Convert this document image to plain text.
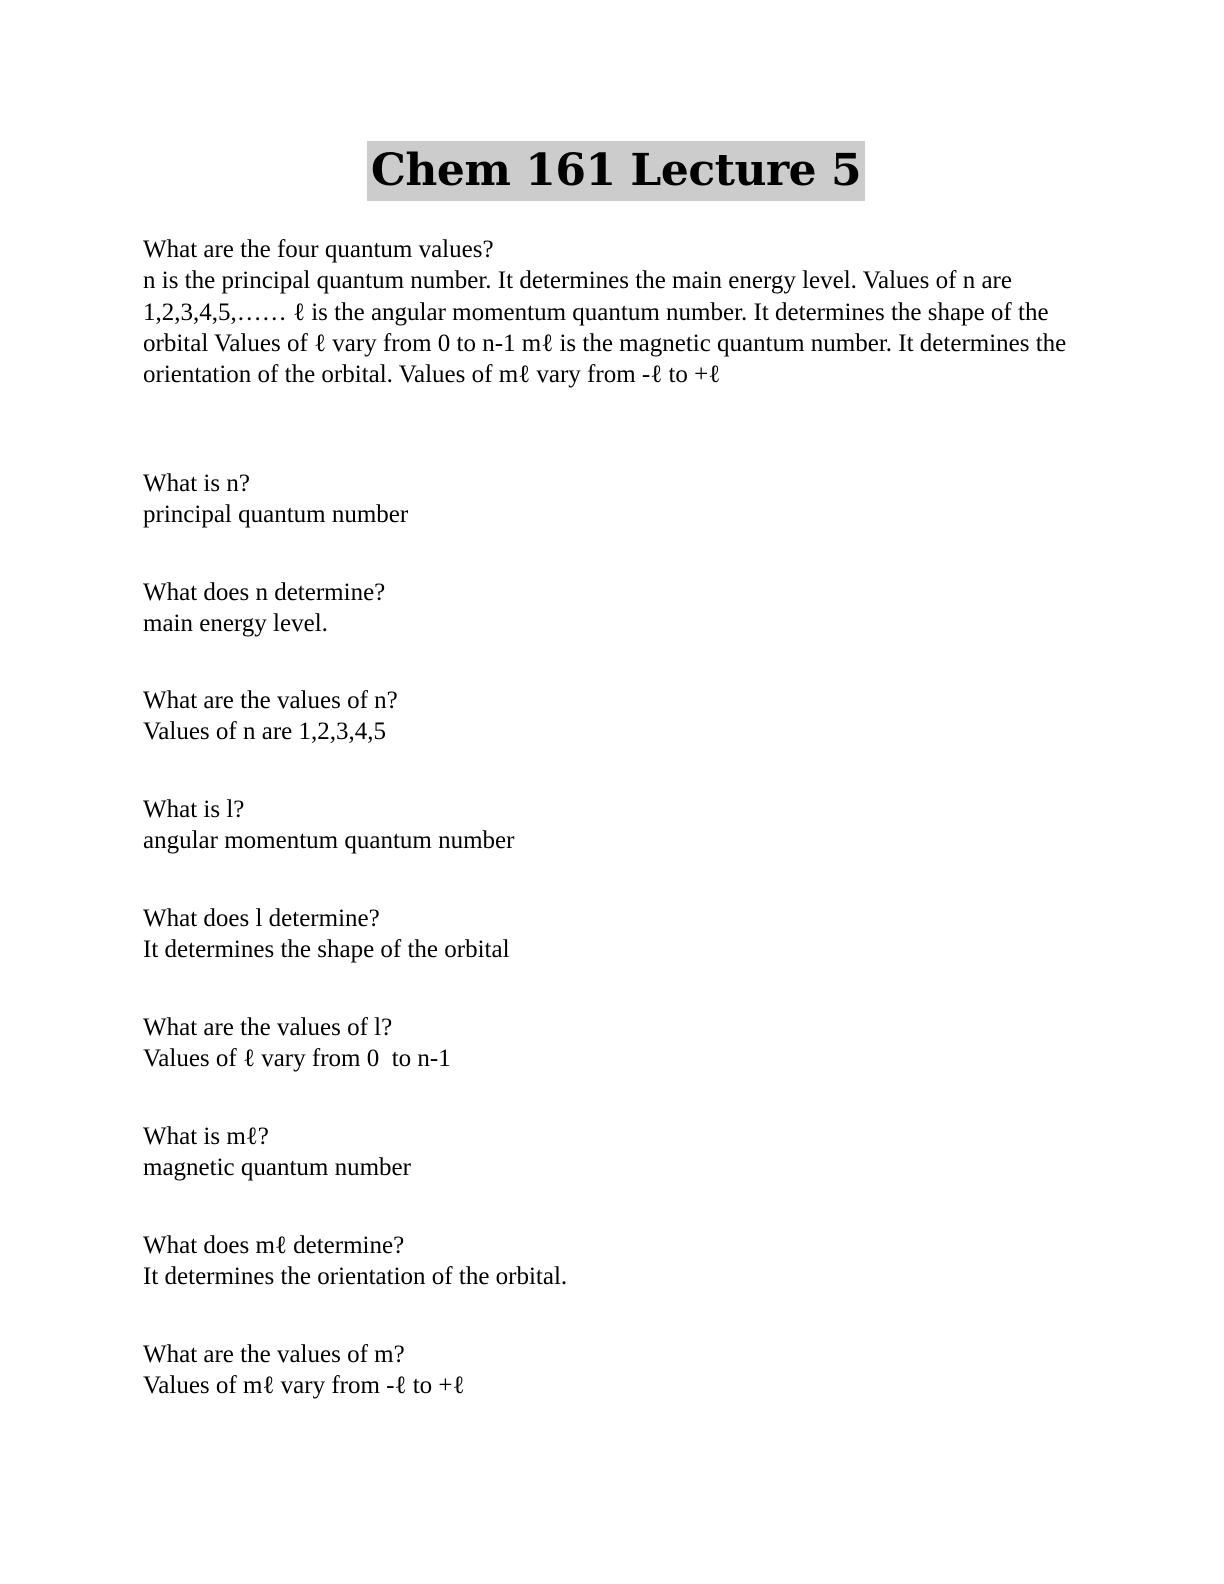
Chem 161 Lecture 5
What are the four quantum values?
n is the principal quantum number. It determines the main energy level. Values of n are 1,2,3,4,5,…… ℓ is the angular momentum quantum number. It determines the shape of the orbital Values of ℓ vary from 0 to n-1 mℓ is the magnetic quantum number. It determines the orientation of the orbital. Values of mℓ vary from -ℓ to +ℓ
What is n?
principal quantum number
What does n determine?
main energy level.
What are the values of n?
Values of n are 1,2,3,4,5
What is l?
angular momentum quantum number
What does l determine?
It determines the shape of the orbital
What are the values of l?
Values of ℓ vary from 0  to n-1
What is mℓ?
magnetic quantum number
What does mℓ determine?
It determines the orientation of the orbital.
What are the values of m?
Values of mℓ vary from -ℓ to +ℓ
